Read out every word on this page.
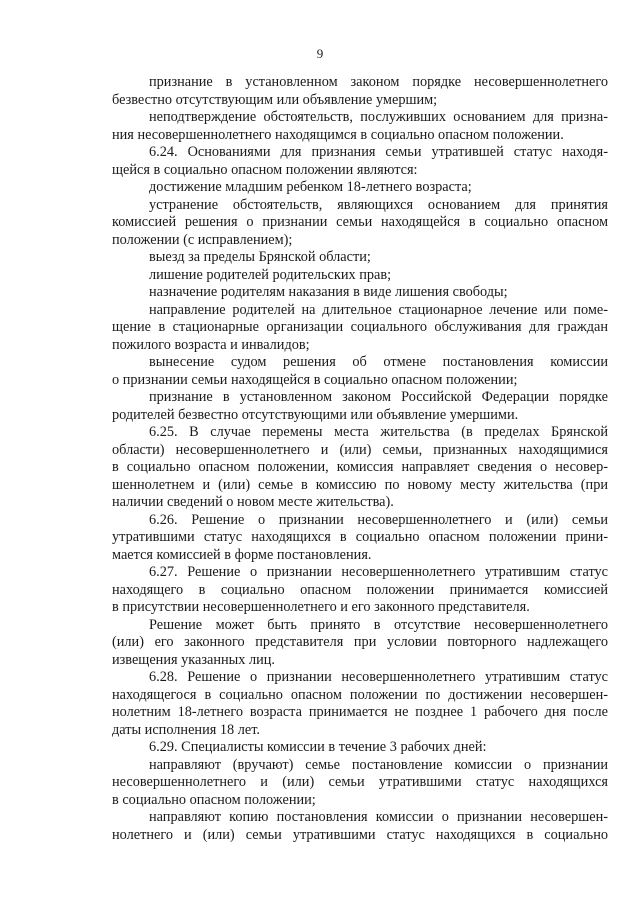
9
признание в установленном законом порядке несовершеннолетнего
безвестно отсутствующим или объявление умершим;
неподтверждение обстоятельств, послуживших основанием для призна-
ния несовершеннолетнего находящимся в социально опасном положении.
6.24. Основаниями для признания семьи утратившей статус находя-
щейся в социально опасном положении являются:
достижение младшим ребенком 18-летнего возраста;
устранение обстоятельств, являющихся основанием для принятия
комиссией решения о признании семьи находящейся в социально опасном
положении (с исправлением);
выезд за пределы Брянской области;
лишение родителей родительских прав;
назначение родителям наказания в виде лишения свободы;
направление родителей на длительное стационарное лечение или поме-
щение в стационарные организации социального обслуживания для граждан
пожилого возраста и инвалидов;
вынесение судом решения об отмене постановления комиссии
о признании семьи находящейся в социально опасном положении;
признание в установленном законом Российской Федерации порядке
родителей безвестно отсутствующими или объявление умершими.
6.25. В случае перемены места жительства (в пределах Брянской
области) несовершеннолетнего и (или) семьи, признанных находящимися
в социально опасном положении, комиссия направляет сведения о несовер-
шеннолетнем и (или) семье в комиссию по новому месту жительства (при
наличии сведений о новом месте жительства).
6.26. Решение о признании несовершеннолетнего и (или) семьи
утратившими статус находящихся в социально опасном положении прини-
мается комиссией в форме постановления.
6.27. Решение о признании несовершеннолетнего утратившим статус
находящего в социально опасном положении принимается комиссией
в присутствии несовершеннолетнего и его законного представителя.
Решение может быть принято в отсутствие несовершеннолетнего
(или) его законного представителя при условии повторного надлежащего
извещения указанных лиц.
6.28. Решение о признании несовершеннолетнего утратившим статус
находящегося в социально опасном положении по достижении несовершен-
нолетним 18-летнего возраста принимается не позднее 1 рабочего дня после
даты исполнения 18 лет.
6.29. Специалисты комиссии в течение 3 рабочих дней:
направляют (вручают) семье постановление комиссии о признании
несовершеннолетнего и (или) семьи утратившими статус находящихся
в социально опасном положении;
направляют копию постановления комиссии о признании несовершен-
нолетнего и (или) семьи утратившими статус находящихся в социально
